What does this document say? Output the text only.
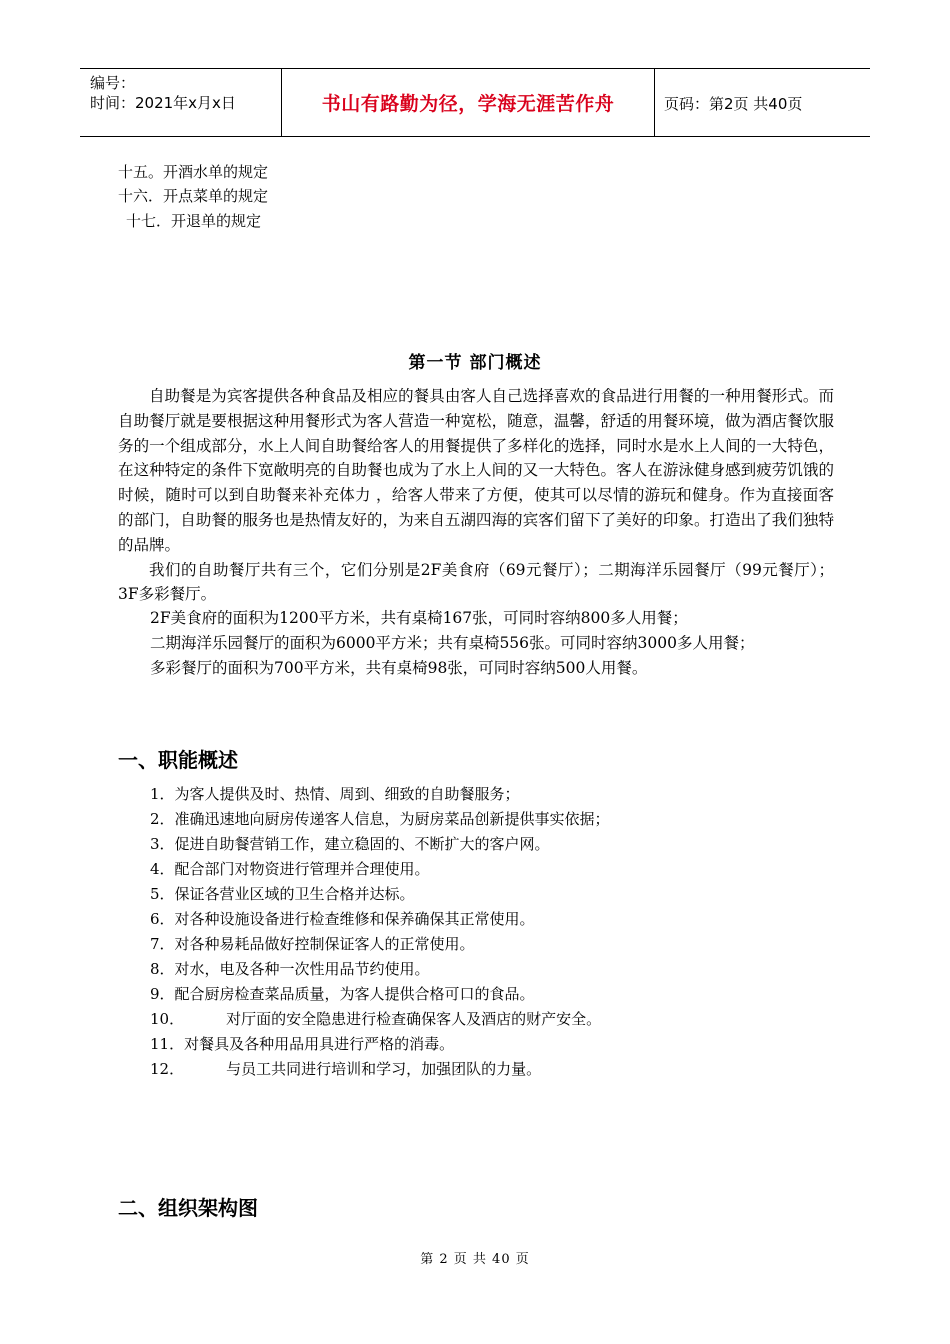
编号：
时间：2021年x月x日	书山有路勤为径，学海无涯苦作舟	页码：第2页 共40页
十五。开酒水单的规定
十六．开点菜单的规定
十七．开退单的规定
第一节 部门概述
自助餐是为宾客提供各种食品及相应的餐具由客人自己选择喜欢的食品进行用餐的一种用餐形式。而自助餐厅就是要根据这种用餐形式为客人营造一种宽松，随意，温馨，舒适的用餐环境，做为酒店餐饮服务的一个组成部分，水上人间自助餐给客人的用餐提供了多样化的选择，同时水是水上人间的一大特色，在这种特定的条件下宽敞明亮的自助餐也成为了水上人间的又一大特色。客人在游泳健身感到疲劳饥饿的时候，随时可以到自助餐来补充体力 ，给客人带来了方便，使其可以尽情的游玩和健身。作为直接面客的部门，自助餐的服务也是热情友好的，为来自五湖四海的宾客们留下了美好的印象。打造出了我们独特的品牌。
我们的自助餐厅共有三个，它们分别是2F美食府（69元餐厅）；二期海洋乐园餐厅（99元餐厅）；3F多彩餐厅。
2F美食府的面积为1200平方米，共有桌椅167张，可同时容纳800多人用餐；
二期海洋乐园餐厅的面积为6000平方米；共有桌椅556张。可同时容纳3000多人用餐；
多彩餐厅的面积为700平方米，共有桌椅98张，可同时容纳500人用餐。
一、职能概述
1．为客人提供及时、热情、周到、细致的自助餐服务；
2．准确迅速地向厨房传递客人信息，为厨房菜品创新提供事实依据；
3．促进自助餐营销工作，建立稳固的、不断扩大的客户网。
4．配合部门对物资进行管理并合理使用。
5．保证各营业区域的卫生合格并达标。
6．对各种设施设备进行检查维修和保养确保其正常使用。
7．对各种易耗品做好控制保证客人的正常使用。
8．对水，电及各种一次性用品节约使用。
9．配合厨房检查菜品质量，为客人提供合格可口的食品。
10．	对厅面的安全隐患进行检查确保客人及酒店的财产安全。
11．对餐具及各种用品用具进行严格的消毒。
12．	与员工共同进行培训和学习，加强团队的力量。
二、组织架构图
第 2 页 共 40 页
